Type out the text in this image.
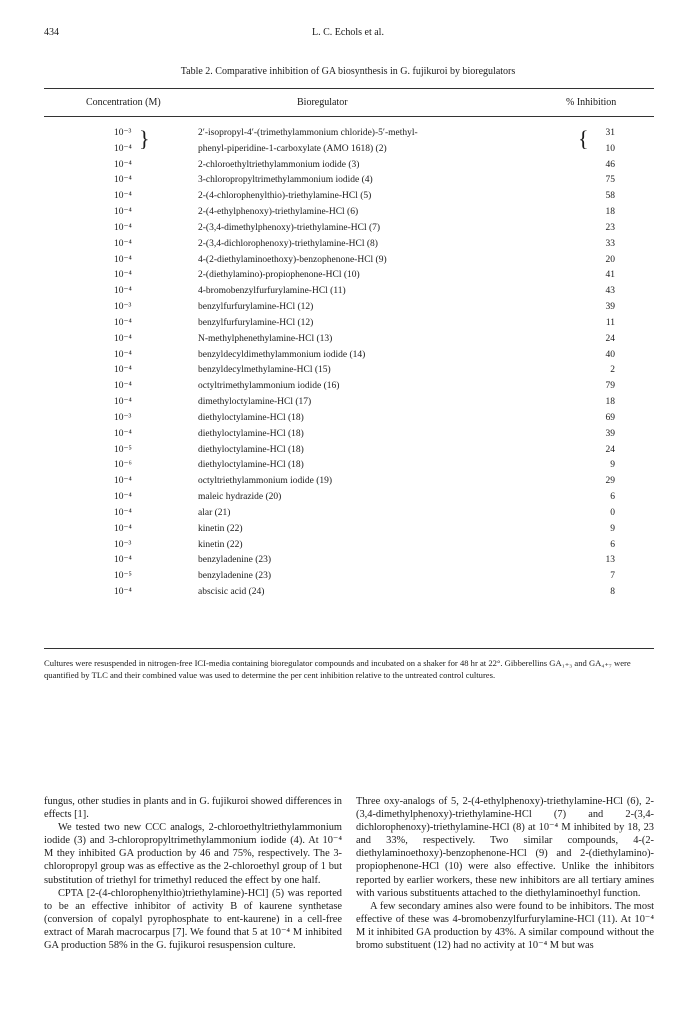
434	L. C. Echols et al.
Table 2. Comparative inhibition of GA biosynthesis in G. fujikuroi by bioregulators
Concentration (M)	Bioregulator	% Inhibition
}	{
10⁻³	2′-isopropyl-4′-(trimethylammonium chloride)-5′-methyl-	31
10⁻⁴	phenyl-piperidine-1-carboxylate (AMO 1618) (2)	10
10⁻⁴	2-chloroethyltriethylammonium iodide (3)	46
10⁻⁴	3-chloropropyltrimethylammonium iodide (4)	75
10⁻⁴	2-(4-chlorophenylthio)-triethylamine-HCl (5)	58
10⁻⁴	2-(4-ethylphenoxy)-triethylamine-HCl (6)	18
10⁻⁴	2-(3,4-dimethylphenoxy)-triethylamine-HCl (7)	23
10⁻⁴	2-(3,4-dichlorophenoxy)-triethylamine-HCl (8)	33
10⁻⁴	4-(2-diethylaminoethoxy)-benzophenone-HCl (9)	20
10⁻⁴	2-(diethylamino)-propiophenone-HCl (10)	41
10⁻⁴	4-bromobenzylfurfurylamine-HCl (11)	43
10⁻³	benzylfurfurylamine-HCl (12)	39
10⁻⁴	benzylfurfurylamine-HCl (12)	11
10⁻⁴	N-methylphenethylamine-HCl (13)	24
10⁻⁴	benzyldecyldimethylammonium iodide (14)	40
10⁻⁴	benzyldecylmethylamine-HCl (15)	2
10⁻⁴	octyltrimethylammonium iodide (16)	79
10⁻⁴	dimethyloctylamine-HCl (17)	18
10⁻³	diethyloctylamine-HCl (18)	69
10⁻⁴	diethyloctylamine-HCl (18)	39
10⁻⁵	diethyloctylamine-HCl (18)	24
10⁻⁶	diethyloctylamine-HCl (18)	9
10⁻⁴	octyltriethylammonium iodide (19)	29
10⁻⁴	maleic hydrazide (20)	6
10⁻⁴	alar (21)	0
10⁻⁴	kinetin (22)	9
10⁻³	kinetin (22)	6
10⁻⁴	benzyladenine (23)	13
10⁻⁵	benzyladenine (23)	7
10⁻⁴	abscisic acid (24)	8
Cultures were resuspended in nitrogen-free ICI-media containing bioregulator compounds and incubated on a shaker for 48 hr at 22°. Gibberellins GA₁₊₃ and GA₄₊₇ were quantified by TLC and their combined value was used to determine the per cent inhibition relative to the untreated control cultures.

fungus, other studies in plants and in G. fujikuroi showed differences in effects [1].

We tested two new CCC analogs, 2-chloroethyltriethylammonium iodide (3) and 3-chloropropyltrimethylammonium iodide (4). At 10⁻⁴ M they inhibited GA production by 46 and 75%, respectively. The 3-chloropropyl group was as effective as the 2-chloroethyl group of 1 but substitution of triethyl for trimethyl reduced the effect by one half.

CPTA [2-(4-chlorophenylthio)triethylamine)-HCl] (5) was reported to be an effective inhibitor of activity B of kaurene synthetase (conversion of copalyl pyrophosphate to ent-kaurene) in a cell-free extract of Marah macrocarpus [7]. We found that 5 at 10⁻⁴ M inhibited GA production 58% in the G. fujikuroi resuspension culture.

Three oxy-analogs of 5, 2-(4-ethylphenoxy)-triethylamine-HCl (6), 2-(3,4-dimethylphenoxy)-triethylamine-HCl (7) and 2-(3,4-dichlorophenoxy)-triethylamine-HCl (8) at 10⁻⁴ M inhibited by 18, 23 and 33%, respectively. Two similar compounds, 4-(2-diethylaminoethoxy)-benzophenone-HCl (9) and 2-(diethylamino)-propiophenone-HCl (10) were also effective. Unlike the inhibitors reported by earlier workers, these new inhibitors are all tertiary amines with various substituents attached to the diethylaminoethyl function.

A few secondary amines also were found to be inhibitors. The most effective of these was 4-bromobenzylfurfurylamine-HCl (11). At 10⁻⁴ M it inhibited GA production by 43%. A similar compound without the bromo substituent (12) had no activity at 10⁻⁴ M but was
